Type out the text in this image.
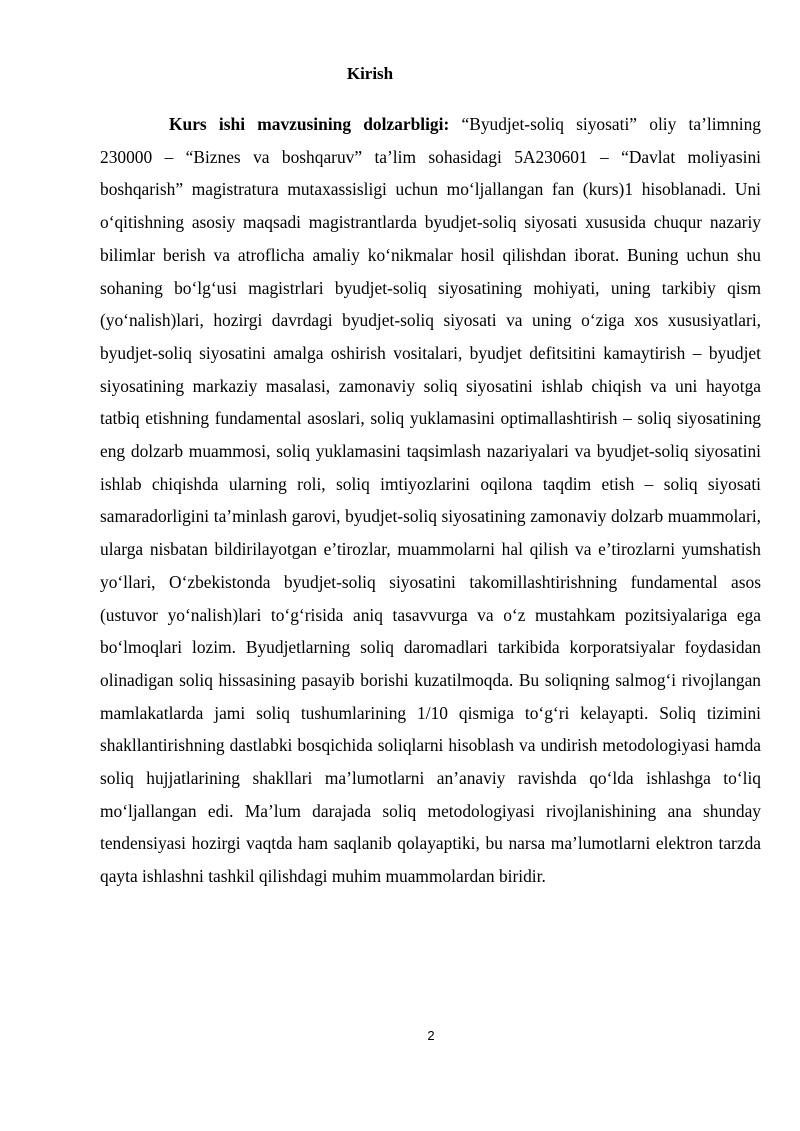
Kirish

Kurs ishi mavzusining dolzarbligi: “Byudjet-soliq siyosati” oliy ta’limning 230000 – “Biznes va boshqaruv” ta’lim sohasidagi 5A230601 – “Davlat moliyasini boshqarish” magistratura mutaxassisligi uchun moʻljallangan fan (kurs)1 hisoblanadi. Uni oʻqitishning asosiy maqsadi magistrantlarda byudjet-soliq siyosati xususida chuqur nazariy bilimlar berish va atroflicha amaliy koʻnikmalar hosil qilishdan iborat. Buning uchun shu sohaning boʻlgʻusi magistrlari byudjet-soliq siyosatining mohiyati, uning tarkibiy qism (yoʻnalish)lari, hozirgi davrdagi byudjet-soliq siyosati va uning oʻziga xos xususiyatlari, byudjet-soliq siyosatini amalga oshirish vositalari, byudjet defitsitini kamaytirish – byudjet siyosatining markaziy masalasi, zamonaviy soliq siyosatini ishlab chiqish va uni hayotga tatbiq etishning fundamental asoslari, soliq yuklamasini optimallashtirish – soliq siyosatining eng dolzarb muammosi, soliq yuklamasini taqsimlash nazariyalari va byudjet-soliq siyosatini ishlab chiqishda ularning roli, soliq imtiyozlarini oqilona taqdim etish – soliq siyosati samaradorligini ta’minlash garovi, byudjet-soliq siyosatining zamonaviy dolzarb muammolari, ularga nisbatan bildirilayotgan e’tirozlar, muammolarni hal qilish va e’tirozlarni yumshatish yoʻllari, Oʻzbekistonda byudjet-soliq siyosatini takomillashtirishning fundamental asos (ustuvor yoʻnalish)lari toʻgʻrisida aniq tasavvurga va oʻz mustahkam pozitsiyalariga ega boʻlmoqlari lozim. Byudjetlarning soliq daromadlari tarkibida korporatsiyalar foydasidan olinadigan soliq hissasining pasayib borishi kuzatilmoqda. Bu soliqning salmogʻi rivojlangan mamlakatlarda jami soliq tushumlarining 1/10 qismiga toʻgʻri kelayapti. Soliq tizimini shakllantirishning dastlabki bosqichida soliqlarni hisoblash va undirish metodologiyasi hamda soliq hujjatlarining shakllari ma’lumotlarni an’anaviy ravishda qoʻlda ishlashga toʻliq moʻljallangan edi. Ma’lum darajada soliq metodologiyasi rivojlanishining ana shunday tendensiyasi hozirgi vaqtda ham saqlanib qolayaptiki, bu narsa ma’lumotlarni elektron tarzda qayta ishlashni tashkil qilishdagi muhim muammolardan biridir.

2
